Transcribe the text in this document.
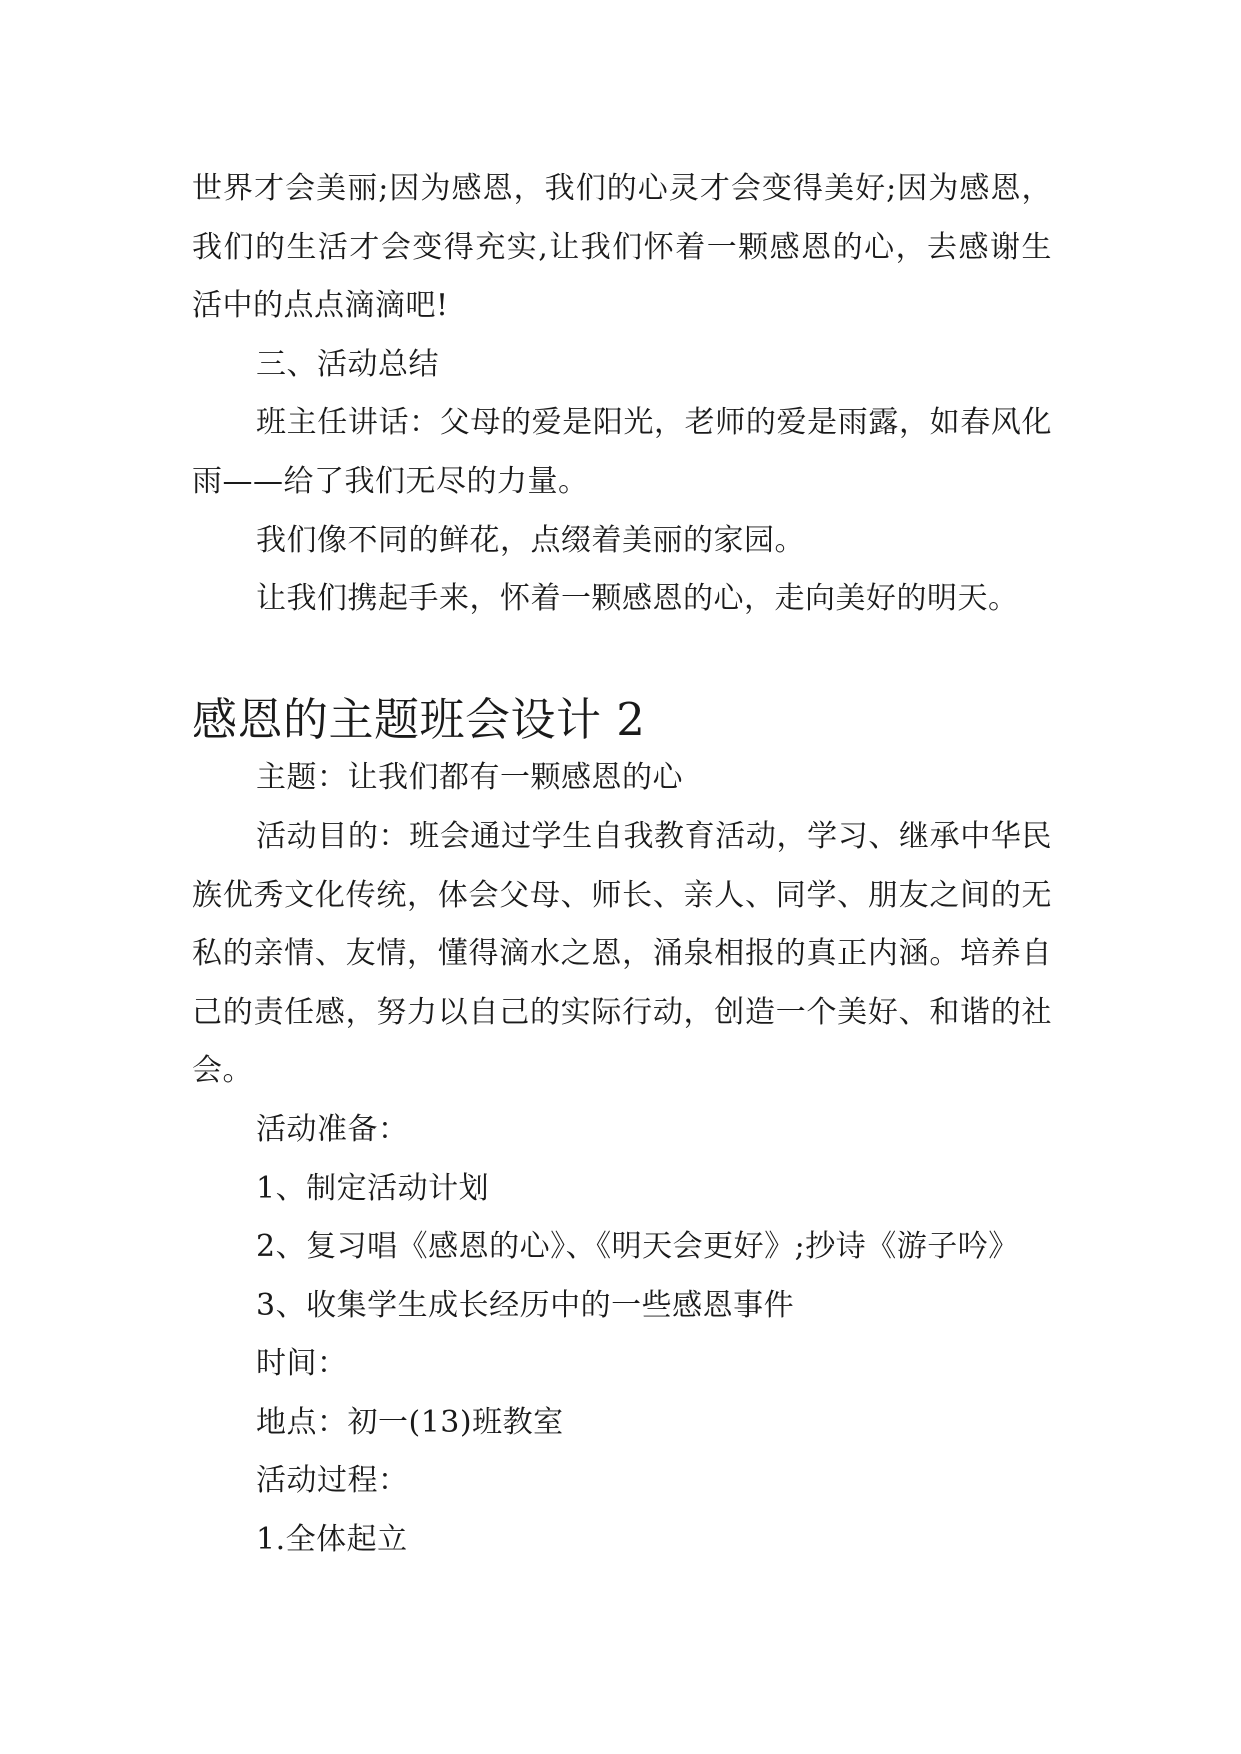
世界才会美丽;因为感恩，我们的心灵才会变得美好;因为感恩，我们的生活才会变得充实,让我们怀着一颗感恩的心，去感谢生活中的点点滴滴吧!

三、活动总结

班主任讲话：父母的爱是阳光，老师的爱是雨露，如春风化雨——给了我们无尽的力量。

我们像不同的鲜花，点缀着美丽的家园。

让我们携起手来，怀着一颗感恩的心，走向美好的明天。

感恩的主题班会设计 2

主题：让我们都有一颗感恩的心

活动目的：班会通过学生自我教育活动，学习、继承中华民族优秀文化传统，体会父母、师长、亲人、同学、朋友之间的无私的亲情、友情，懂得滴水之恩，涌泉相报的真正内涵。培养自己的责任感，努力以自己的实际行动，创造一个美好、和谐的社会。

活动准备：

1、制定活动计划

2、复习唱《感恩的心》、《明天会更好》;抄诗《游子吟》

3、收集学生成长经历中的一些感恩事件

时间：

地点：初一(13)班教室

活动过程：

1.全体起立
